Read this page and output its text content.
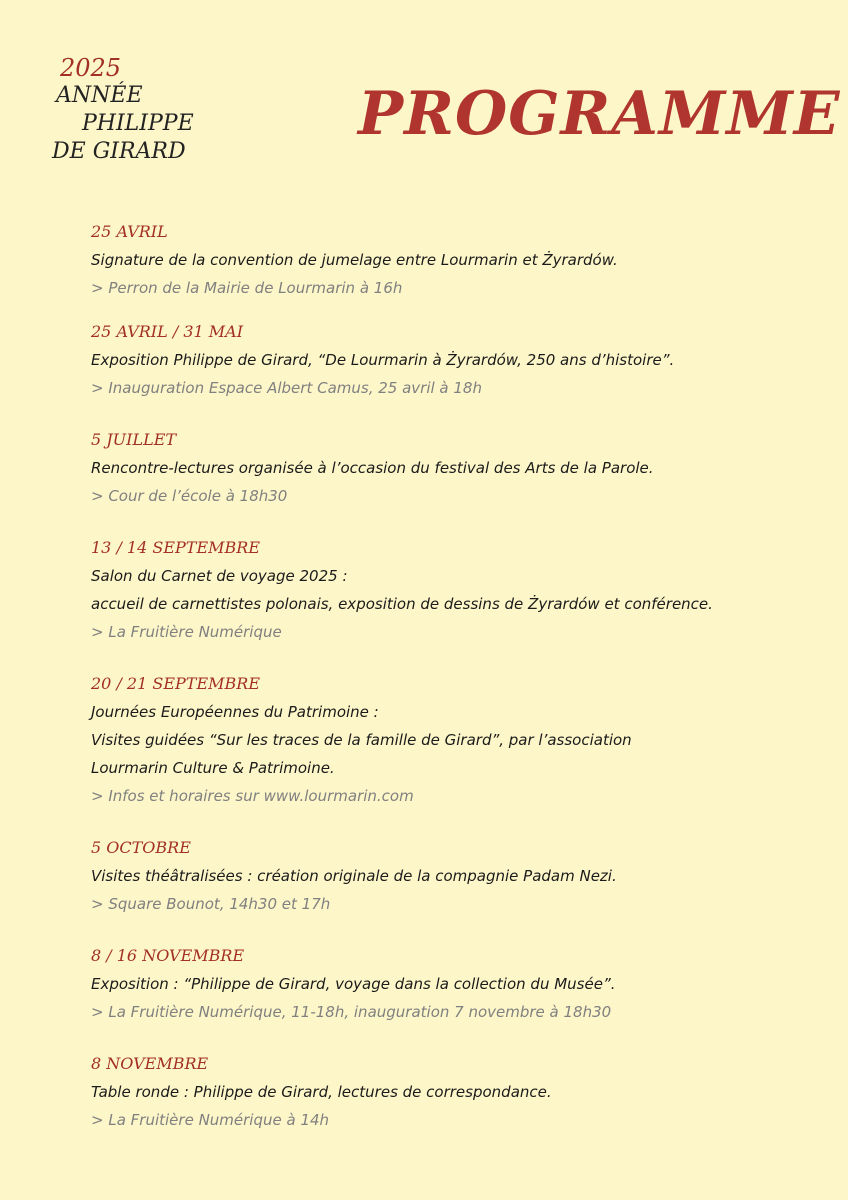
2025
ANNÉE
PHILIPPE
DE GIRARD
PROGRAMME
25 AVRIL
Signature de la convention de jumelage entre Lourmarin et Żyrardów.
> Perron de la Mairie de Lourmarin à 16h
25 AVRIL / 31 MAI
Exposition Philippe de Girard, “De Lourmarin à Żyrardów, 250 ans d’histoire”.
> Inauguration Espace Albert Camus, 25 avril à 18h
5 JUILLET
Rencontre-lectures organisée à l’occasion du festival des Arts de la Parole.
> Cour de l’école à 18h30
13 / 14 SEPTEMBRE
Salon du Carnet de voyage 2025 :
accueil de carnettistes polonais, exposition de dessins de Żyrardów et conférence.
> La Fruitière Numérique
20 / 21 SEPTEMBRE
Journées Européennes du Patrimoine :
Visites guidées “Sur les traces de la famille de Girard”, par l’association
Lourmarin Culture & Patrimoine.
> Infos et horaires sur www.lourmarin.com
5 OCTOBRE
Visites théâtralisées : création originale de la compagnie Padam Nezi.
> Square Bounot, 14h30 et 17h
8 / 16 NOVEMBRE
Exposition : “Philippe de Girard, voyage dans la collection du Musée”.
> La Fruitière Numérique, 11-18h, inauguration 7 novembre à 18h30
8 NOVEMBRE
Table ronde : Philippe de Girard, lectures de correspondance.
> La Fruitière Numérique à 14h
